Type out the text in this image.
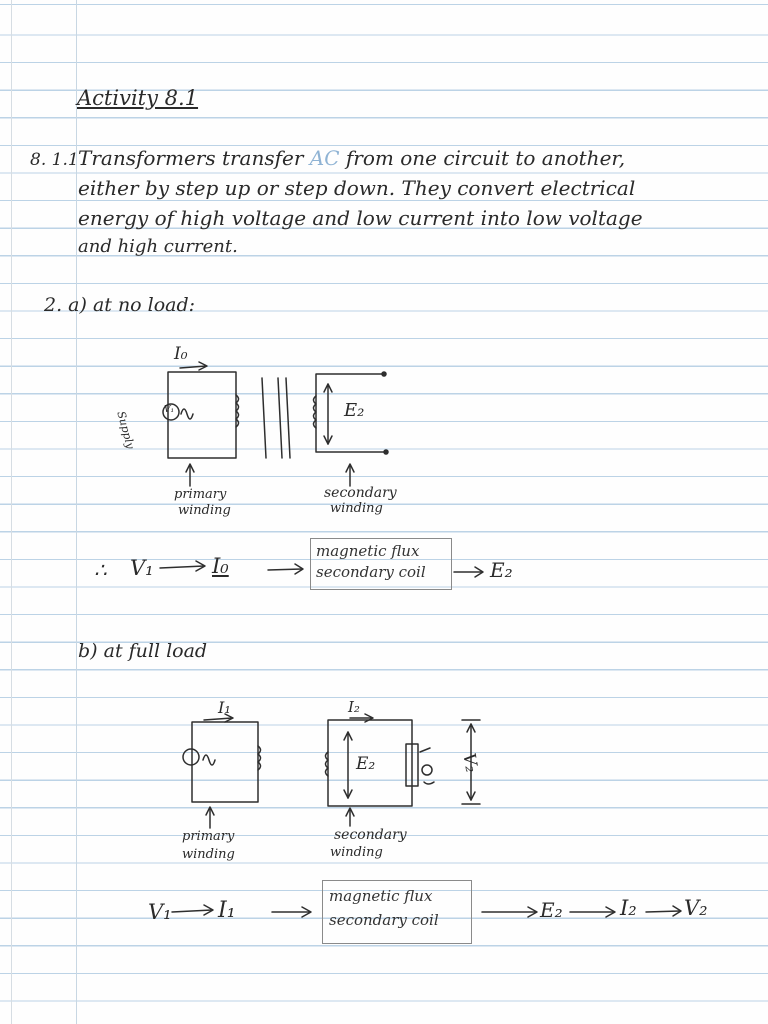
Activity 8.1
8. 1.1 Transformers transfer AC from one circuit to another,
either by step up or step down. They convert electrical
energy of high voltage and low current into low voltage
and high current.
2. a) at no load:
I₀
V₁
Supply	E₂
primary
winding
secondary
winding
∴ V₁	I₀
magnetic flux
secondary coil	E₂
b) at full load
I₁	I₂
E₂	V₂
primary
winding
secondary
winding
V₁ I₁
magnetic flux
secondary coil	E₂	I₂ V₂
